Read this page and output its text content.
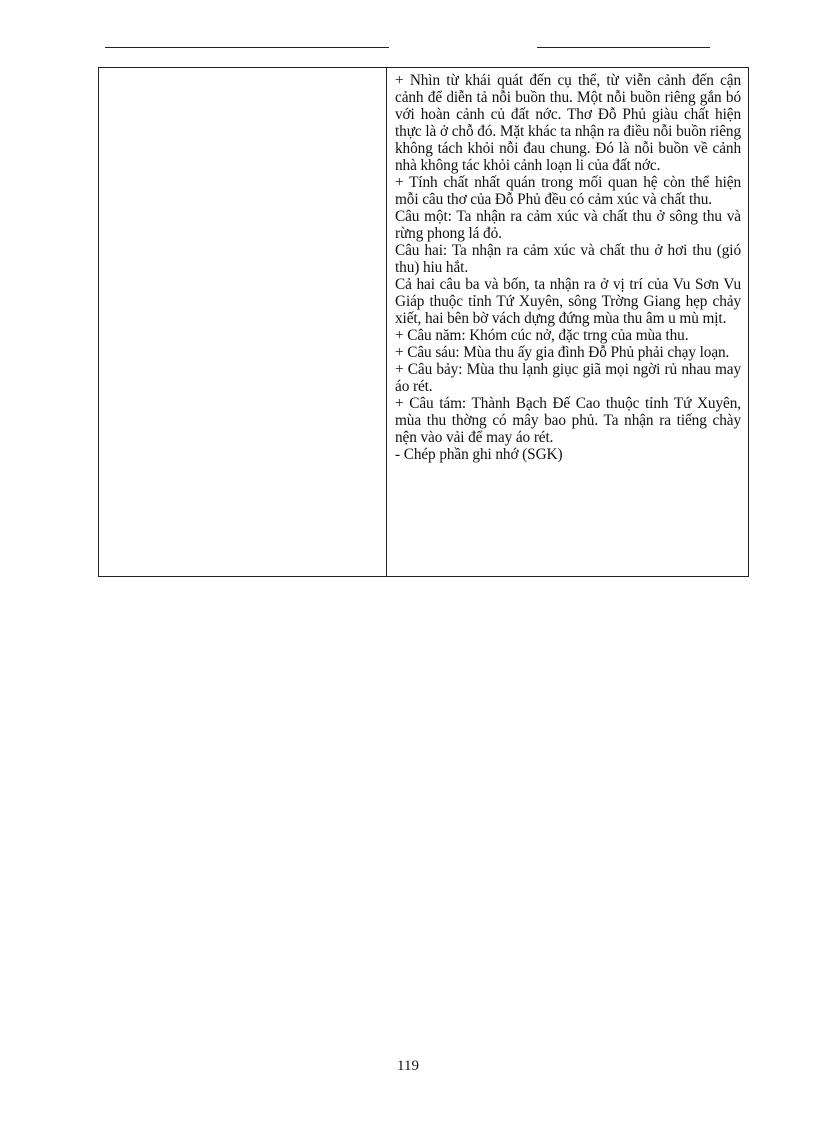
+ Nhìn từ khái quát đến cụ thể, từ viễn cảnh đến cận cảnh để diễn tả nỗi buồn thu. Một nỗi buồn riêng gắn bó với hoàn cảnh củ đất nớc. Thơ Đỗ Phủ giàu chất hiện thực là ở chỗ đó. Mặt khác ta nhận ra điều nỗi buồn riêng không tách khỏi nỗi đau chung. Đó là nỗi buồn về cảnh nhà không tác khỏi cảnh loạn li của đất nớc.

+ Tính chất nhất quán trong mối quan hệ còn thể hiện mỗi câu thơ của Đỗ Phủ đều có cảm xúc và chất thu.

Câu một: Ta nhận ra cảm xúc và chất thu ở sông thu và rừng phong lá đỏ.

Câu hai: Ta nhận ra cảm xúc và chất thu ở hơi thu (gió thu) hiu hắt.

Cả hai câu ba và bốn, ta nhận ra ở vị trí của Vu Sơn Vu Giáp thuộc tỉnh Tứ Xuyên, sông Trờng Giang hẹp chảy xiết, hai bên bờ vách dựng đứng mùa thu âm u mù mịt.

+ Câu năm: Khóm cúc nở, đặc trng của mùa thu.

+ Câu sáu: Mùa thu ấy gia đình Đỗ Phủ phải chạy loạn.

+ Câu bảy: Mùa thu lạnh giục giã mọi ngời rủ nhau may áo rét.

+ Câu tám: Thành Bạch Đế Cao thuộc tỉnh Tứ Xuyên, mùa thu thờng có mây bao phủ. Ta nhận ra tiếng chày nện vào vải để may áo rét.

- Chép phần ghi nhớ (SGK)

119
